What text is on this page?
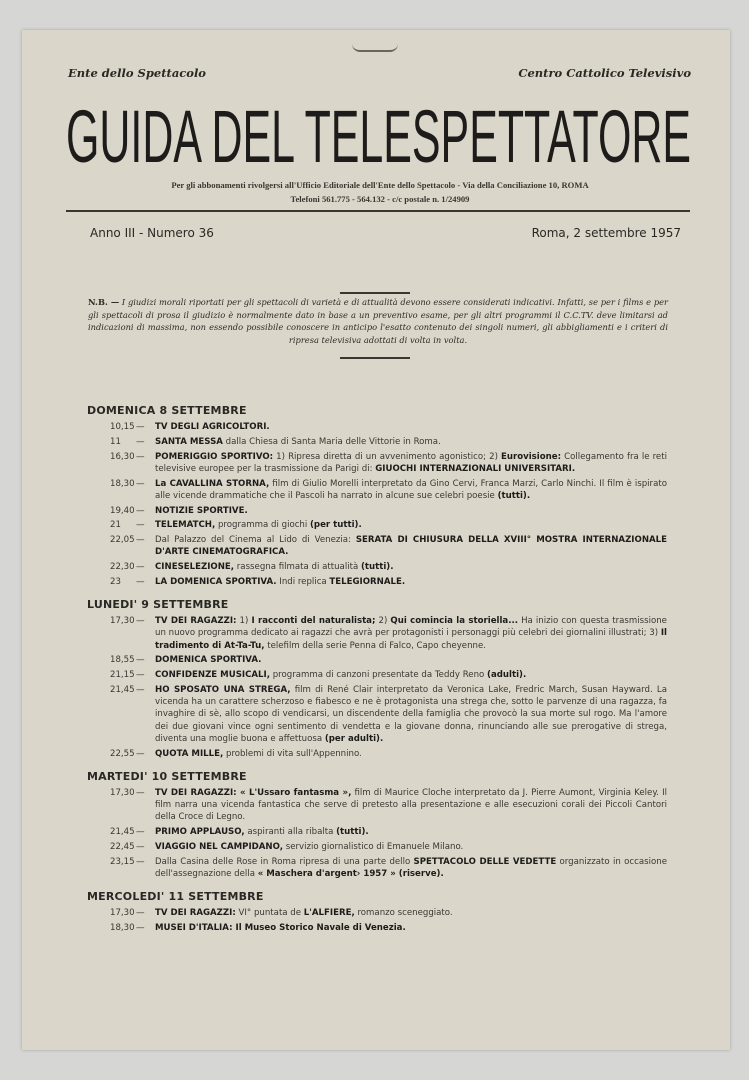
Ente dello Spettacolo	Centro Cattolico Televisivo
GUIDA DEL TELESPETTATORE
Per gli abbonamenti rivolgersi all'Ufficio Editoriale dell'Ente dello Spettacolo - Via della Conciliazione 10, ROMA
Telefoni 561.775 - 564.132 - c/c postale n. 1/24909
Anno III - Numero 36	Roma, 2 settembre 1957
N.B. — I giudizi morali riportati per gli spettacoli di varietà e di attualità devono essere considerati indicativi. Infatti, se per i films e per gli spettacoli di prosa il giudizio è normalmente dato in base a un preventivo esame, per gli altri programmi il C.C.TV. deve limitarsi ad indicazioni di massima, non essendo possibile conoscere in anticipo l'esatto contenuto dei singoli numeri, gli abbigliamenti e i criteri di ripresa televisiva adottati di volta in volta.
DOMENICA 8 SETTEMBRE
10,15 —	TV DEGLI AGRICOLTORI.
11	—	SANTA MESSA dalla Chiesa di Santa Maria delle Vittorie in Roma.
16,30 —	POMERIGGIO SPORTIVO: 1) Ripresa diretta di un avvenimento agonistico; 2) Eurovisione: Collegamento fra le reti televisive europee per la trasmissione da Parigi di: GIUOCHI INTERNAZIONALI UNIVERSITARI.
18,30 —	La CAVALLINA STORNA, film di Giulio Morelli interpretato da Gino Cervi, Franca Marzi, Carlo Ninchi. Il film è ispirato alle vicende drammatiche che il Pascoli ha narrato in alcune sue celebri poesie (tutti).
19,40 —	NOTIZIE SPORTIVE.
21	—	TELEMATCH, programma di giochi (per tutti).
22,05 —	Dal Palazzo del Cinema al Lido di Venezia: SERATA DI CHIUSURA DELLA XVIII° MOSTRA INTERNAZIONALE D'ARTE CINEMATOGRAFICA.
22,30 —	CINESELEZIONE, rassegna filmata di attualità (tutti).
23	—	LA DOMENICA SPORTIVA. Indi replica TELEGIORNALE.
LUNEDI' 9 SETTEMBRE
17,30 —	TV DEI RAGAZZI: 1) I racconti del naturalista; 2) Qui comincia la storiella... Ha inizio con questa trasmissione un nuovo programma dedicato ai ragazzi che avrà per protagonisti i personaggi più celebri dei giornalini illustrati; 3) Il tradimento di At-Ta-Tu, telefilm della serie Penna di Falco, Capo cheyenne.
18,55 —	DOMENICA SPORTIVA.
21,15 —	CONFIDENZE MUSICALI, programma di canzoni presentate da Teddy Reno (adulti).
21,45 —	HO SPOSATO UNA STREGA, film di René Clair interpretato da Veronica Lake, Fredric March, Susan Hayward. La vicenda ha un carattere scherzoso e fiabesco e ne è protagonista una strega che, sotto le parvenze di una ragazza, fa invaghire di sè, allo scopo di vendicarsi, un discendente della famiglia che provocò la sua morte sul rogo. Ma l'amore dei due giovani vince ogni sentimento di vendetta e la giovane donna, rinunciando alle sue prerogative di strega, diventa una moglie buona e affettuosa (per adulti).
22,55 —	QUOTA MILLE, problemi di vita sull'Appennino.
MARTEDI' 10 SETTEMBRE
17,30 —	TV DEI RAGAZZI: « L'Ussaro fantasma », film di Maurice Cloche interpretato da J. Pierre Aumont, Virginia Keley. Il film narra una vicenda fantastica che serve di pretesto alla presentazione e alle esecuzioni corali dei Piccoli Cantori della Croce di Legno.
21,45 —	PRIMO APPLAUSO, aspiranti alla ribalta (tutti).
22,45 —	VIAGGIO NEL CAMPIDANO, servizio giornalistico di Emanuele Milano.
23,15 —	Dalla Casina delle Rose in Roma ripresa di una parte dello SPETTACOLO DELLE VEDETTE organizzato in occasione dell'assegnazione della « Maschera d'argent› 1957 » (riserve).
MERCOLEDI' 11 SETTEMBRE
17,30 —	TV DEI RAGAZZI: VI° puntata de L'ALFIERE, romanzo sceneggiato.
18,30 —	MUSEI D'ITALIA: Il Museo Storico Navale di Venezia.
